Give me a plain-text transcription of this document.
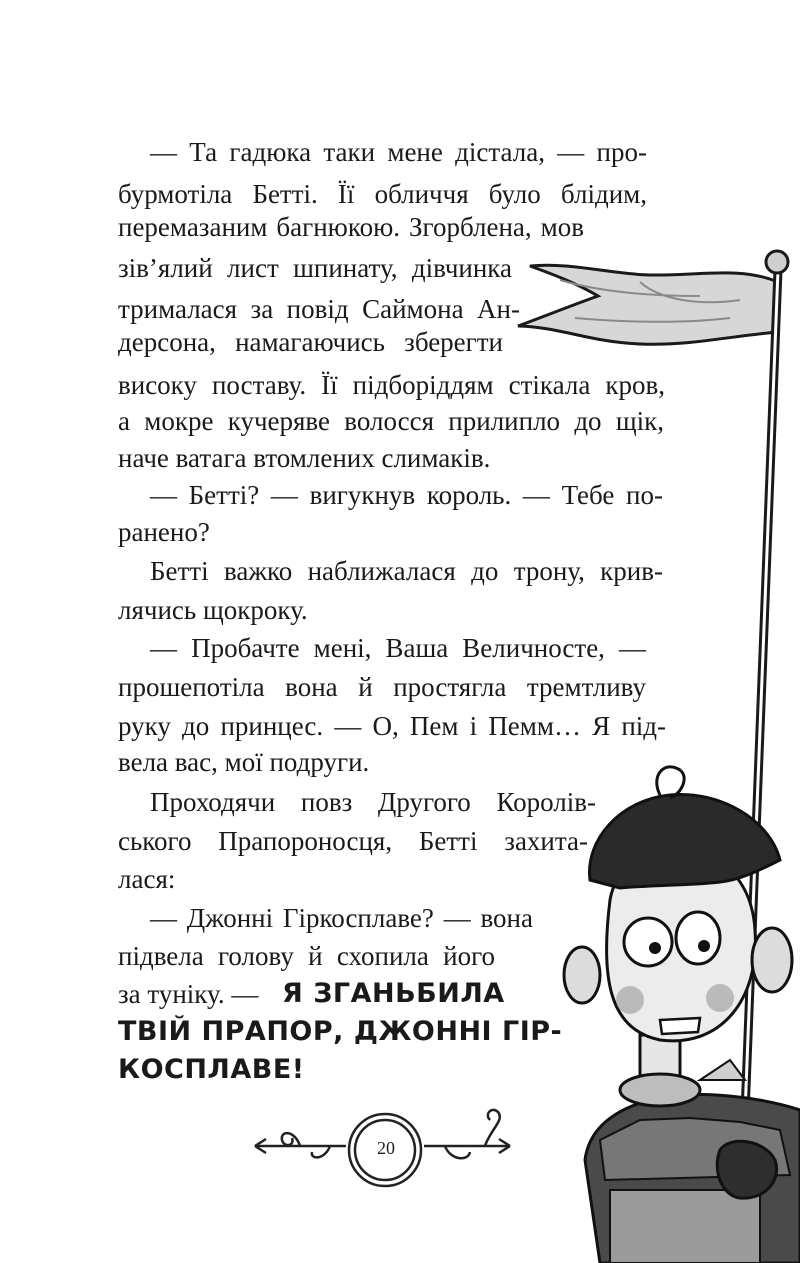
— Та гадюка таки мене дістала, — про-
бурмотіла Бетті. Її обличчя було блідим,
перемазаним багнюкою. Згорблена, мов
зів’ялий лист шпинату, дівчинка
трималася за повід Саймона Ан-
дерсона, намагаючись зберегти
високу поставу. Її підборіддям стікала кров,
а мокре кучеряве волосся прилипло до щік,
наче ватага втомлених слимаків.
— Бетті? — вигукнув король. — Тебе по-
ранено?
Бетті важко наближалася до трону, крив-
лячись щокроку.
— Пробачте мені, Ваша Величносте, —
прошепотіла вона й простягла тремтливу
руку до принцес. — О, Пем і Пемм… Я під-
вела вас, мої подруги.
Проходячи повз Другого Королів-
ського Прапороносця, Бетті захита-
лася:
— Джонні Гіркосплаве? — вона
підвела голову й схопила його
за туніку. — Я ЗГАНЬБИЛА
ТВІЙ ПРАПОР, ДЖОННІ ГІР-
КОСПЛАВЕ!
20
